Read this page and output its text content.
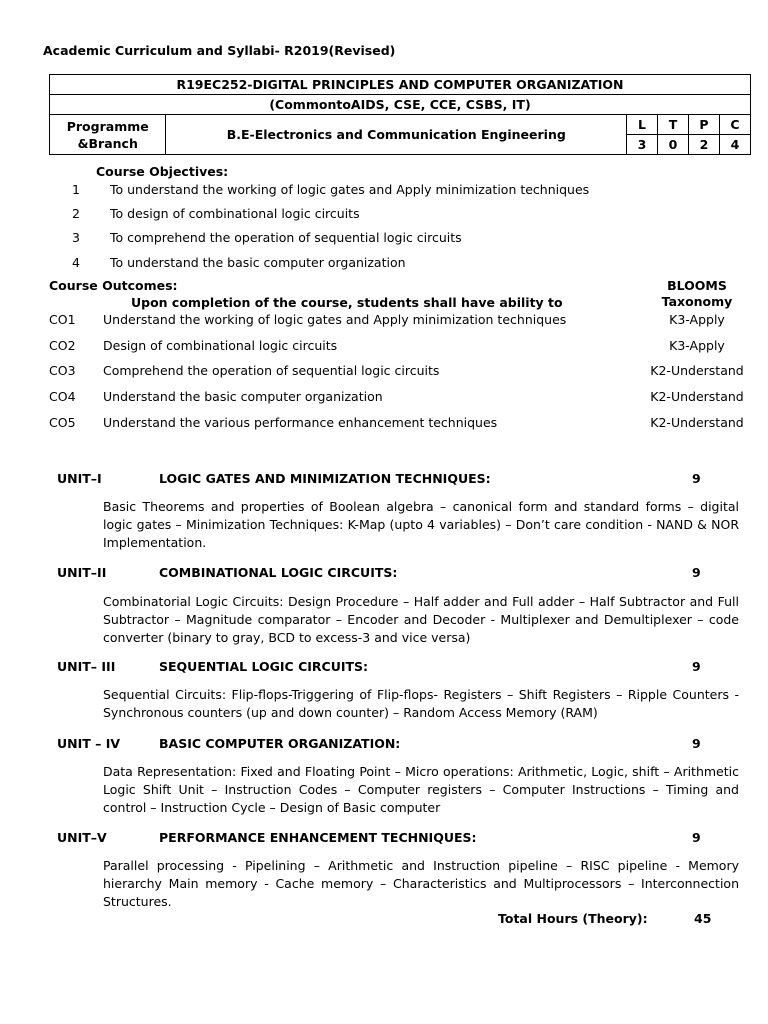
Academic Curriculum and Syllabi- R2019(Revised)
R19EC252-DIGITAL PRINCIPLES AND COMPUTER ORGANIZATION					
(CommontoAIDS, CSE, CCE, CSBS, IT)					
Programme
&Branch	B.E-Electronics and Communication Engineering	L	T	P	C
		3	0	2	4
Course Objectives:
1 To understand the working of logic gates and Apply minimization techniques
2 To design of combinational logic circuits
3 To comprehend the operation of sequential logic circuits
4 To understand the basic computer organization
Course Outcomes:
Upon completion of the course, students shall have ability to
BLOOMS
Taxonomy
CO1 Understand the working of logic gates and Apply minimization techniques	K3-Apply
CO2 Design of combinational logic circuits	K3-Apply
CO3 Comprehend the operation of sequential logic circuits	K2-Understand
CO4 Understand the basic computer organization	K2-Understand
CO5 Understand the various performance enhancement techniques	K2-Understand
UNIT–I	LOGIC GATES AND MINIMIZATION TECHNIQUES:	9
Basic Theorems and properties of Boolean algebra – canonical form and standard forms – digital logic gates – Minimization Techniques: K-Map (upto 4 variables) – Don’t care condition - NAND & NOR Implementation.
UNIT–II	COMBINATIONAL LOGIC CIRCUITS:	9
Combinatorial Logic Circuits: Design Procedure – Half adder and Full adder – Half Subtractor and Full Subtractor – Magnitude comparator – Encoder and Decoder - Multiplexer and Demultiplexer – code converter (binary to gray, BCD to excess-3 and vice versa)
UNIT– III	SEQUENTIAL LOGIC CIRCUITS:	9
Sequential Circuits: Flip-flops-Triggering of Flip-flops- Registers – Shift Registers – Ripple Counters -Synchronous counters (up and down counter) – Random Access Memory (RAM)
UNIT – IV	BASIC COMPUTER ORGANIZATION:	9
Data Representation: Fixed and Floating Point – Micro operations: Arithmetic, Logic, shift – Arithmetic Logic Shift Unit – Instruction Codes – Computer registers – Computer Instructions – Timing and control – Instruction Cycle – Design of Basic computer
UNIT–V	PERFORMANCE ENHANCEMENT TECHNIQUES:	9
Parallel processing - Pipelining – Arithmetic and Instruction pipeline – RISC pipeline - Memory hierarchy Main memory - Cache memory – Characteristics and Multiprocessors – Interconnection Structures.
Total Hours (Theory):	45
